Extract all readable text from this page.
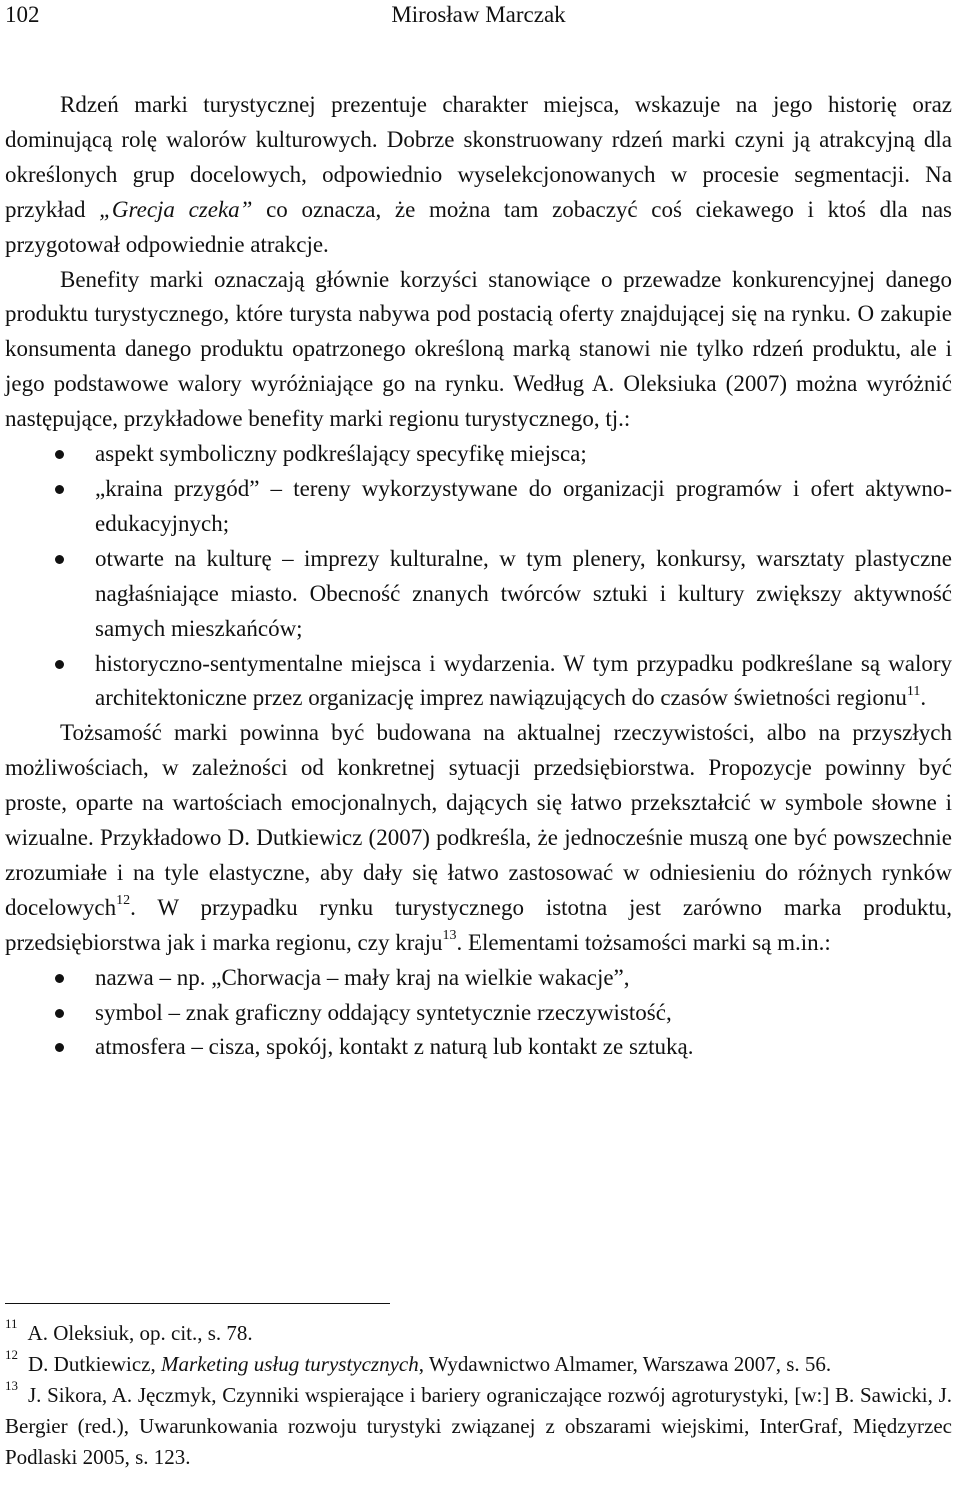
102	Mirosław Marczak

Rdzeń marki turystycznej prezentuje charakter miejsca, wskazuje na jego historię oraz dominującą rolę walorów kulturowych. Dobrze skonstruowany rdzeń marki czyni ją atrakcyjną dla określonych grup docelowych, odpowiednio wyselekcjonowanych w procesie segmentacji. Na przykład „Grecja czeka” co oznacza, że można tam zobaczyć coś ciekawego i ktoś dla nas przygotował odpowiednie atrakcje.

Benefity marki oznaczają głównie korzyści stanowiące o przewadze konkurencyjnej danego produktu turystycznego, które turysta nabywa pod postacią oferty znajdującej się na rynku. O zakupie konsumenta danego produktu opatrzonego określoną marką stanowi nie tylko rdzeń produktu, ale i jego podstawowe walory wyróżniające go na rynku. Według A. Oleksiuka (2007) można wyróżnić następujące, przykładowe benefity marki regionu turystycznego, tj.:

aspekt symboliczny podkreślający specyfikę miejsca;
„kraina przygód” – tereny wykorzystywane do organizacji programów i ofert aktywno-edukacyjnych;
otwarte na kulturę – imprezy kulturalne, w tym plenery, konkursy, warsztaty plastyczne nagłaśniające miasto. Obecność znanych twórców sztuki i kultury zwiększy aktywność samych mieszkańców;
historyczno-sentymentalne miejsca i wydarzenia. W tym przypadku podkreślane są walory architektoniczne przez organizację imprez nawiązujących do czasów świetności regionu$^{11}$.

Tożsamość marki powinna być budowana na aktualnej rzeczywistości, albo na przyszłych możliwościach, w zależności od konkretnej sytuacji przedsiębiorstwa. Propozycje powinny być proste, oparte na wartościach emocjonalnych, dających się łatwo przekształcić w symbole słowne i wizualne. Przykładowo D. Dutkiewicz (2007) podkreśla, że jednocześnie muszą one być powszechnie zrozumiałe i na tyle elastyczne, aby dały się łatwo zastosować w odniesieniu do różnych rynków docelowych$^{12}$. W przypadku rynku turystycznego istotna jest zarówno marka produktu, przedsiębiorstwa jak i marka regionu, czy kraju$^{13}$. Elementami tożsamości marki są m.in.:

nazwa – np. „Chorwacja – mały kraj na wielkie wakacje”,
symbol – znak graficzny oddający syntetycznie rzeczywistość,
atmosfera – cisza, spokój, kontakt z naturą lub kontakt ze sztuką.

$^{11}$ A. Oleksiuk, op. cit., s. 78.

$^{12}$ D. Dutkiewicz, Marketing usług turystycznych, Wydawnictwo Almamer, Warszawa 2007, s. 56.

$^{13}$ J. Sikora, A. Jęczmyk, Czynniki wspierające i bariery ograniczające rozwój agroturystyki, [w:] B. Sawicki, J. Bergier (red.), Uwarunkowania rozwoju turystyki związanej z obszarami wiejskimi, InterGraf, Międzyrzec Podlaski 2005, s. 123.
